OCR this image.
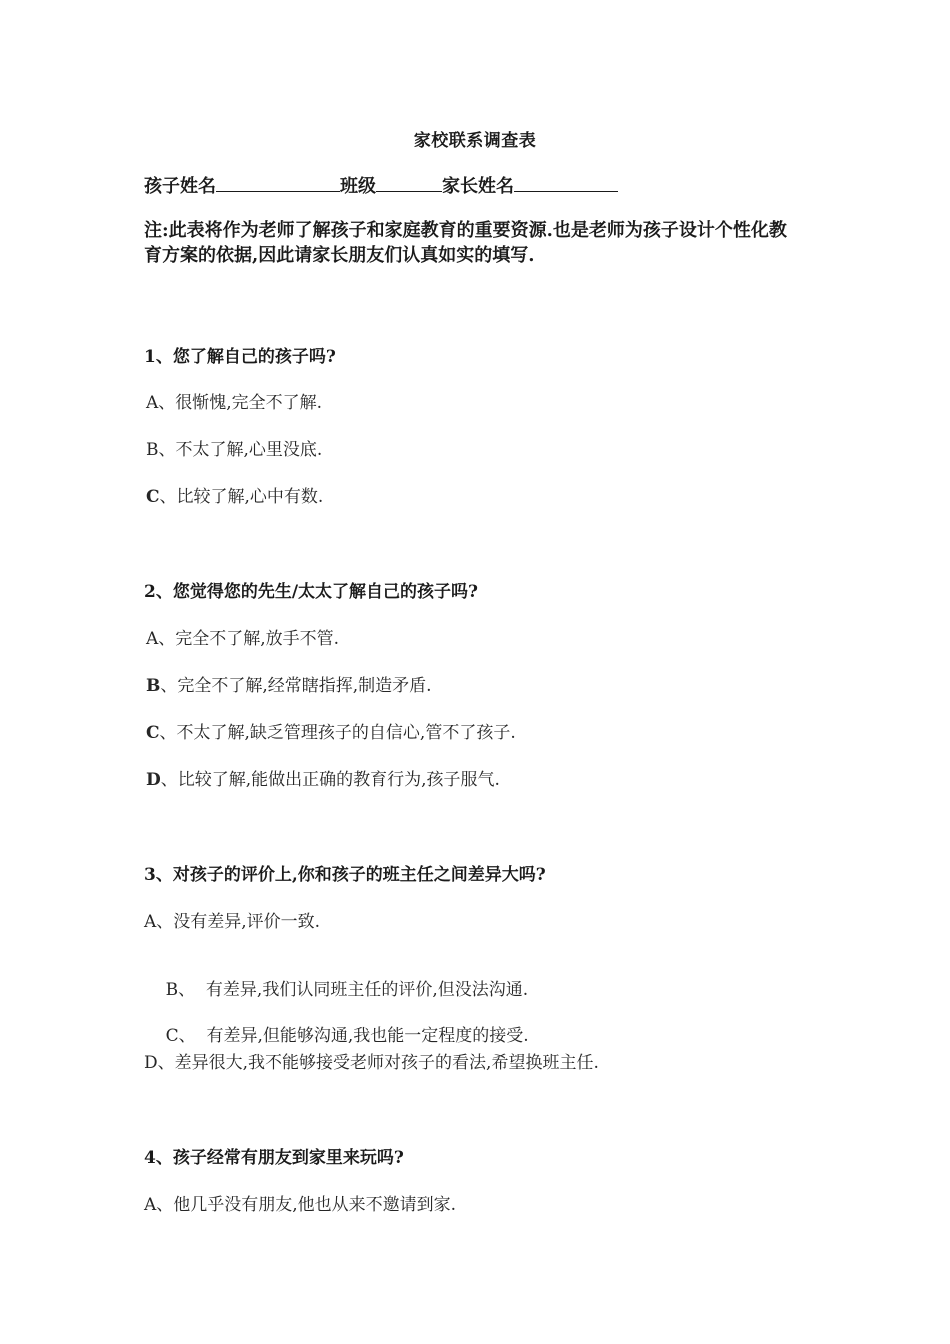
家校联系调查表
孩子姓名	班级	家长姓名
注:此表将作为老师了解孩子和家庭教育的重要资源.也是老师为孩子设计个性化教育方案的依据,因此请家长朋友们认真如实的填写.
1、您了解自己的孩子吗?
A、很惭愧,完全不了解.
B、不太了解,心里没底.
C、比较了解,心中有数.
2、您觉得您的先生/太太了解自己的孩子吗?
A、完全不了解,放手不管.
B、完全不了解,经常瞎指挥,制造矛盾.
C、不太了解,缺乏管理孩子的自信心,管不了孩子.
D、比较了解,能做出正确的教育行为,孩子服气.
3、对孩子的评价上,你和孩子的班主任之间差异大吗?
A、没有差异,评价一致.

B、  有差异,我们认同班主任的评价,但没法沟通.

C、  有差异,但能够沟通,我也能一定程度的接受.

D、差异很大,我不能够接受老师对孩子的看法,希望换班主任.
4、孩子经常有朋友到家里来玩吗?
A、他几乎没有朋友,他也从来不邀请到家.
